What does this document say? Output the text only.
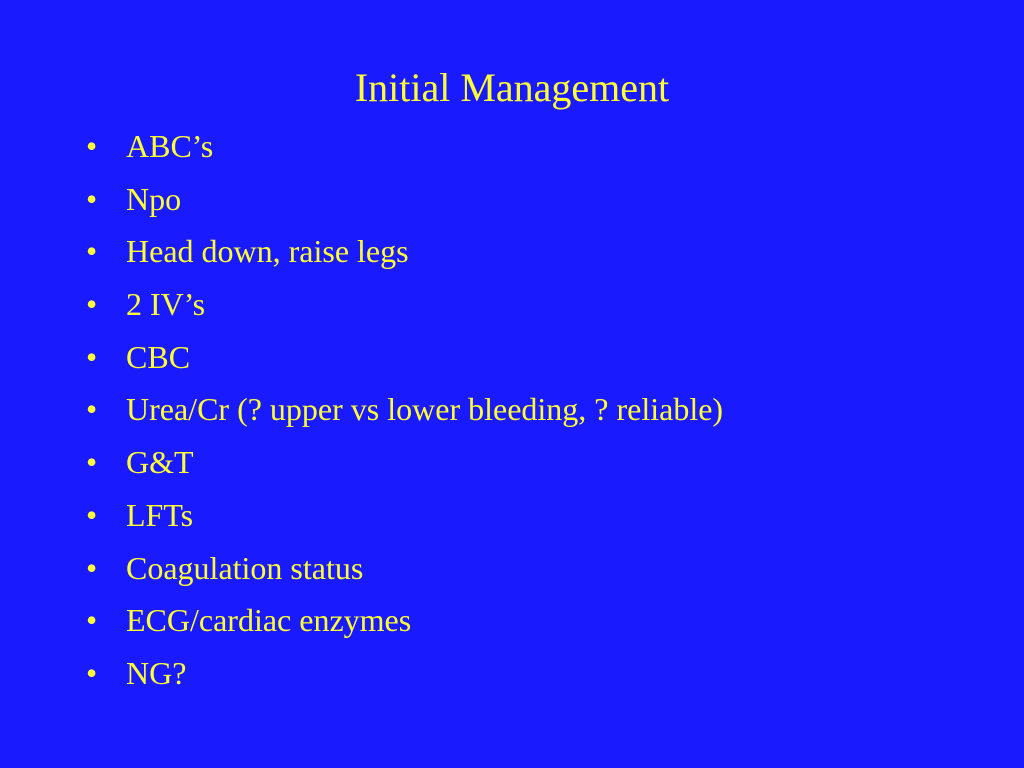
Initial Management
• ABC’s
• Npo
• Head down, raise legs
• 2 IV’s
• CBC
• Urea/Cr (? upper vs lower bleeding, ? reliable)
• G&T
• LFTs
• Coagulation status
• ECG/cardiac enzymes
• NG?
